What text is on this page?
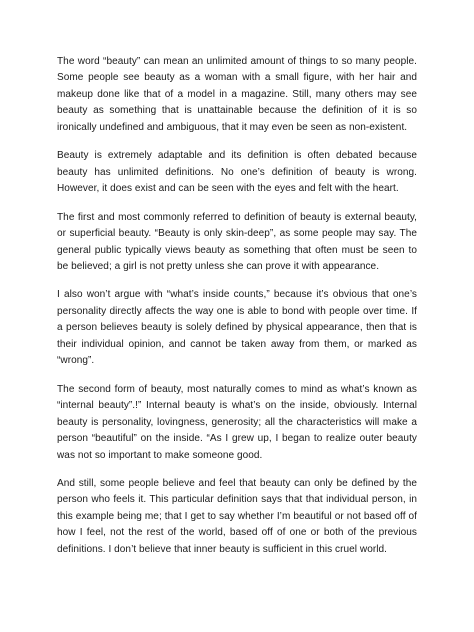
The word “beauty” can mean an unlimited amount of things to so many people. Some people see beauty as a woman with a small figure, with her hair and makeup done like that of a model in a magazine. Still, many others may see beauty as something that is unattainable because the definition of it is so ironically undefined and ambiguous, that it may even be seen as non-existent.

Beauty is extremely adaptable and its definition is often debated because beauty has unlimited definitions. No one’s definition of beauty is wrong. However, it does exist and can be seen with the eyes and felt with the heart.

The first and most commonly referred to definition of beauty is external beauty, or superficial beauty. “Beauty is only skin-deep”, as some people may say. The general public typically views beauty as something that often must be seen to be believed; a girl is not pretty unless she can prove it with appearance.

I also won’t argue with “what’s inside counts,” because it’s obvious that one’s personality directly affects the way one is able to bond with people over time. If a person believes beauty is solely defined by physical appearance, then that is their individual opinion, and cannot be taken away from them, or marked as “wrong”.

The second form of beauty, most naturally comes to mind as what’s known as “internal beauty”.!” Internal beauty is what’s on the inside, obviously. Internal beauty is personality, lovingness, generosity; all the characteristics will make a person “beautiful” on the inside. “As I grew up, I began to realize outer beauty was not so important to make someone good.

And still, some people believe and feel that beauty can only be defined by the person who feels it. This particular definition says that that individual person, in this example being me; that I get to say whether I’m beautiful or not based off of how I feel, not the rest of the world, based off of one or both of the previous definitions. I don’t believe that inner beauty is sufficient in this cruel world.
